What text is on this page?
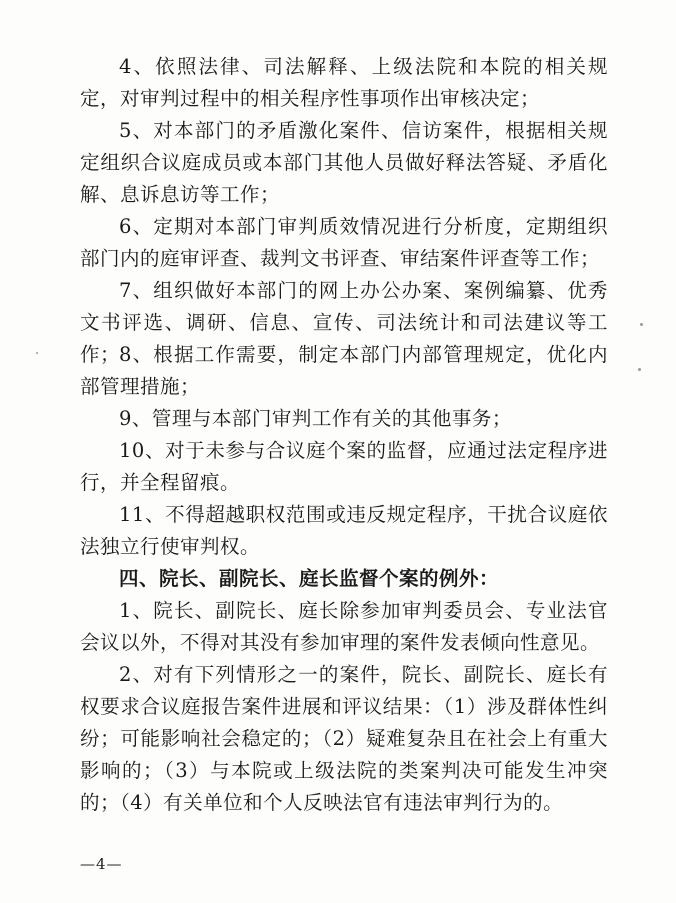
4、依照法律、司法解释、上级法院和本院的相关规定，对审判过程中的相关程序性事项作出审核决定；

5、对本部门的矛盾激化案件、信访案件，根据相关规定组织合议庭成员或本部门其他人员做好释法答疑、矛盾化解、息诉息访等工作；

6、定期对本部门审判质效情况进行分析度，定期组织部门内的庭审评查、裁判文书评查、审结案件评查等工作；

7、组织做好本部门的网上办公办案、案例编纂、优秀文书评选、调研、信息、宣传、司法统计和司法建议等工作；

8、根据工作需要，制定本部门内部管理规定，优化内部管理措施；

9、管理与本部门审判工作有关的其他事务；

10、对于未参与合议庭个案的监督，应通过法定程序进行，并全程留痕。

11、不得超越职权范围或违反规定程序，干扰合议庭依法独立行使审判权。

四、院长、副院长、庭长监督个案的例外：

1、院长、副院长、庭长除参加审判委员会、专业法官会议以外，不得对其没有参加审理的案件发表倾向性意见。

2、对有下列情形之一的案件，院长、副院长、庭长有权要求合议庭报告案件进展和评议结果：（1）涉及群体性纠纷；可能影响社会稳定的；（2）疑难复杂且在社会上有重大影响的；（3）与本院或上级法院的类案判决可能发生冲突的；（4）有关单位和个人反映法官有违法审判行为的。

—4—
